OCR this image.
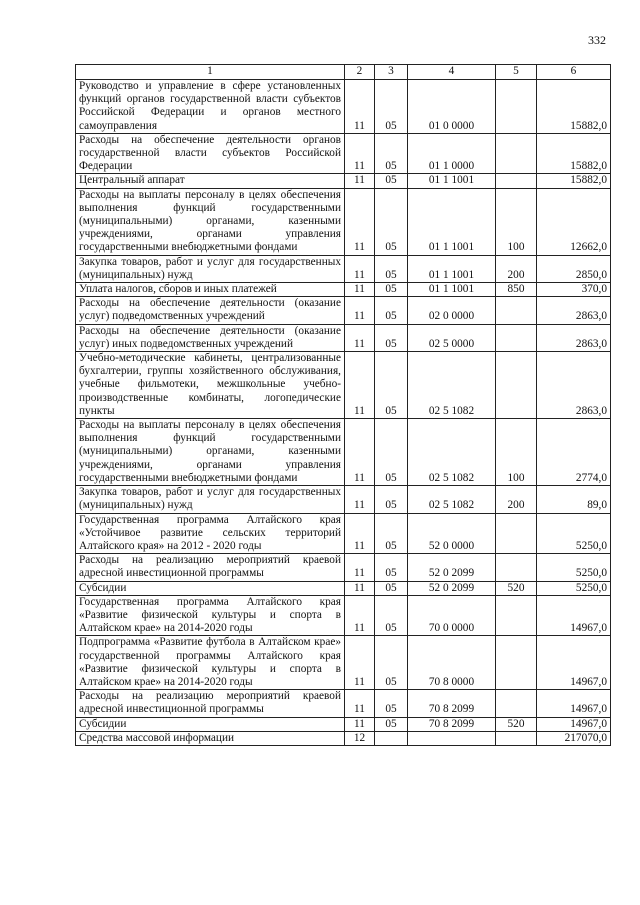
332
1	2	3	4	5	6
Руководство и управление в сфере установленных функций органов государственной власти субъектов Российской Федерации и органов местного самоуправления	11	05	01 0 0000		15882,0
Расходы на обеспечение деятельности органов государственной власти субъектов Российской Федерации	11	05	01 1 0000		15882,0
Центральный аппарат	11	05	01 1 1001		15882,0
Расходы на выплаты персоналу в целях обеспечения выполнения функций государственными (муниципальными) органами, казенными учреждениями, органами управления государственными внебюджетными фондами	11	05	01 1 1001	100	12662,0
Закупка товаров, работ и услуг для государственных (муниципальных) нужд	11	05	01 1 1001	200	2850,0
Уплата налогов, сборов и иных платежей	11	05	01 1 1001	850	370,0
Расходы на обеспечение деятельности (оказание услуг) подведомственных учреждений	11	05	02 0 0000		2863,0
Расходы на обеспечение деятельности (оказание услуг) иных подведомственных учреждений	11	05	02 5 0000		2863,0
Учебно-методические кабинеты, централизованные бухгалтерии, группы хозяйственного обслуживания, учебные фильмотеки, межшкольные учебно-производственные комбинаты, логопедические пункты	11	05	02 5 1082		2863,0
Расходы на выплаты персоналу в целях обеспечения выполнения функций государственными (муниципальными) органами, казенными учреждениями, органами управления государственными внебюджетными фондами	11	05	02 5 1082	100	2774,0
Закупка товаров, работ и услуг для государственных (муниципальных) нужд	11	05	02 5 1082	200	89,0
Государственная программа Алтайского края «Устойчивое развитие сельских территорий Алтайского края» на 2012 - 2020 годы	11	05	52 0 0000		5250,0
Расходы на реализацию мероприятий краевой адресной инвестиционной программы	11	05	52 0 2099		5250,0
Субсидии	11	05	52 0 2099	520	5250,0
Государственная программа Алтайского края «Развитие физической культуры и спорта в Алтайском крае» на 2014-2020 годы	11	05	70 0 0000		14967,0
Подпрограмма «Развитие футбола в Алтайском крае» государственной программы Алтайского края «Развитие физической культуры и спорта в Алтайском крае» на 2014-2020 годы	11	05	70 8 0000		14967,0
Расходы на реализацию мероприятий краевой адресной инвестиционной программы	11	05	70 8 2099		14967,0
Субсидии	11	05	70 8 2099	520	14967,0
Средства массовой информации	12				217070,0
